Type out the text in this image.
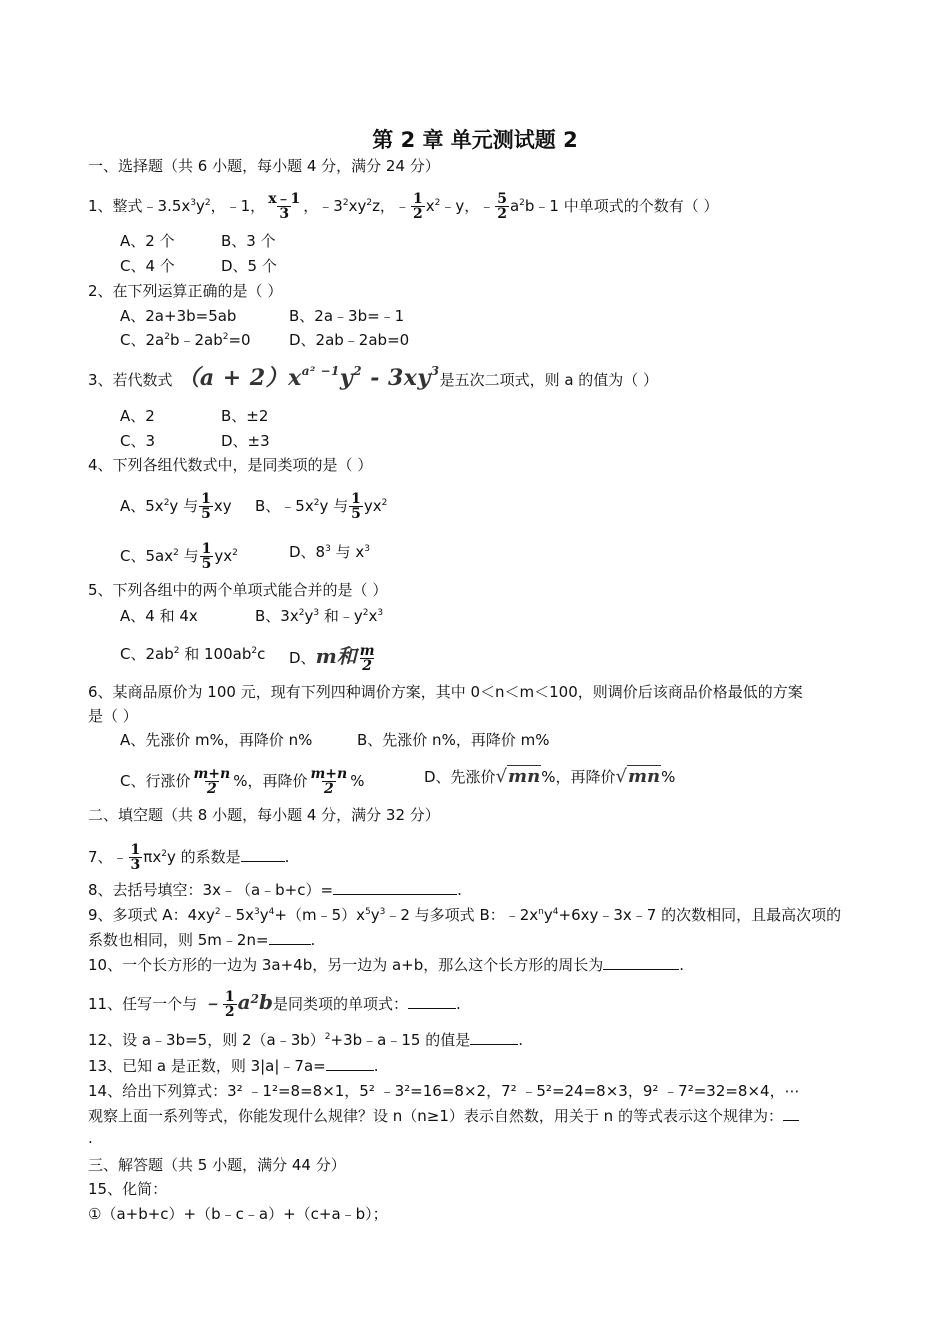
第 2 章 单元测试题 2
一、选择题（共 6 小题，每小题 4 分，满分 24 分）
1、整式$﹣3.5x^3y^2$，﹣1， $\frac{x﹣1}{3}$ ，$﹣3^2xy^2z$，﹣ $\frac{1}{2}$ $x^2﹣y$，﹣ $\frac{5}{2}$ $a^2b﹣1$ 中单项式的个数有（ ）
A、2 个	B、3 个
C、4 个	D、5 个
2、在下列运算正确的是（ ）
A、2a+3b=5ab	B、2a﹣3b=﹣1
C、$2a^2b﹣2ab^2=0$	D、2ab﹣2ab=0
3、若代数式 $(a + 2)x^{a^2 -1}y^2 - 3xy^3$是五次二项式，则 a 的值为（ ）
A、2	B、±2
C、3	D、±3
4、下列各组代数式中，是同类项的是（ ）
A、$5x^2y$ 与 $\frac{1}{5}$ xy B、$﹣5x^2y$ 与 $\frac{1}{5} yx^2$
C、$5ax^2$ 与 $\frac{1}{5} yx^2$	D、$8^3$ 与 $x^3$
5、下列各组中的两个单项式能合并的是（ ）
A、4 和 4x	B、$3x^2y^3$ 和$﹣y^2x^3$
C、$2ab^2$ 和 $100ab^2c$ D、m和 $\frac{m}{2}$
6、某商品原价为 100 元，现有下列四种调价方案，其中 0＜n＜m＜100，则调价后该商品价格最低的方案
是（ ）
A、先涨价 m%，再降价 n%	B、先涨价 n%，再降价 m%
C、行涨价 $\frac{m+n}{2}$ %，再降价 $\frac{m+n}{2}$ %	D、先涨价√mn%，再降价√mn%
二、填空题（共 8 小题，每小题 4 分，满分 32 分）
7、﹣ $\frac{1}{3} \pi x^2y$ 的系数是	.
8、去括号填空：3x﹣（a﹣b+c）=	.
9、多项式 A：$4xy^2﹣5x^3y^4+(m﹣5)x^5y^3﹣2$ 与多项式 B：$﹣2x^ny^4+6xy﹣3x﹣7$ 的次数相同，且最高次项的
系数也相同，则 5m﹣2n=	.
10、一个长方形的一边为 3a+4b，另一边为 a+b，那么这个长方形的周长为	.
11、任写一个与 ﹣ $\frac{1}{2} a^2b$是同类项的单项式：	.
12、设 a﹣3b=5，则 2（a﹣3b）$^2$+3b﹣a﹣15 的值是	.
13、已知 a 是正数，则 3|a|﹣7a=	.
14、给出下列算式：3² ﹣1²=8=8×1，5² ﹣3²=16=8×2，7² ﹣5²=24=8×3，9² ﹣7²=32=8×4，⋯
观察上面一系列等式，你能发现什么规律？设 n（n≥1）表示自然数，用关于 n 的等式表示这个规律为：
.
三、解答题（共 5 小题，满分 44 分）
15、化简：
①（a+b+c）+（b﹣c﹣a）+（c+a﹣b）；
